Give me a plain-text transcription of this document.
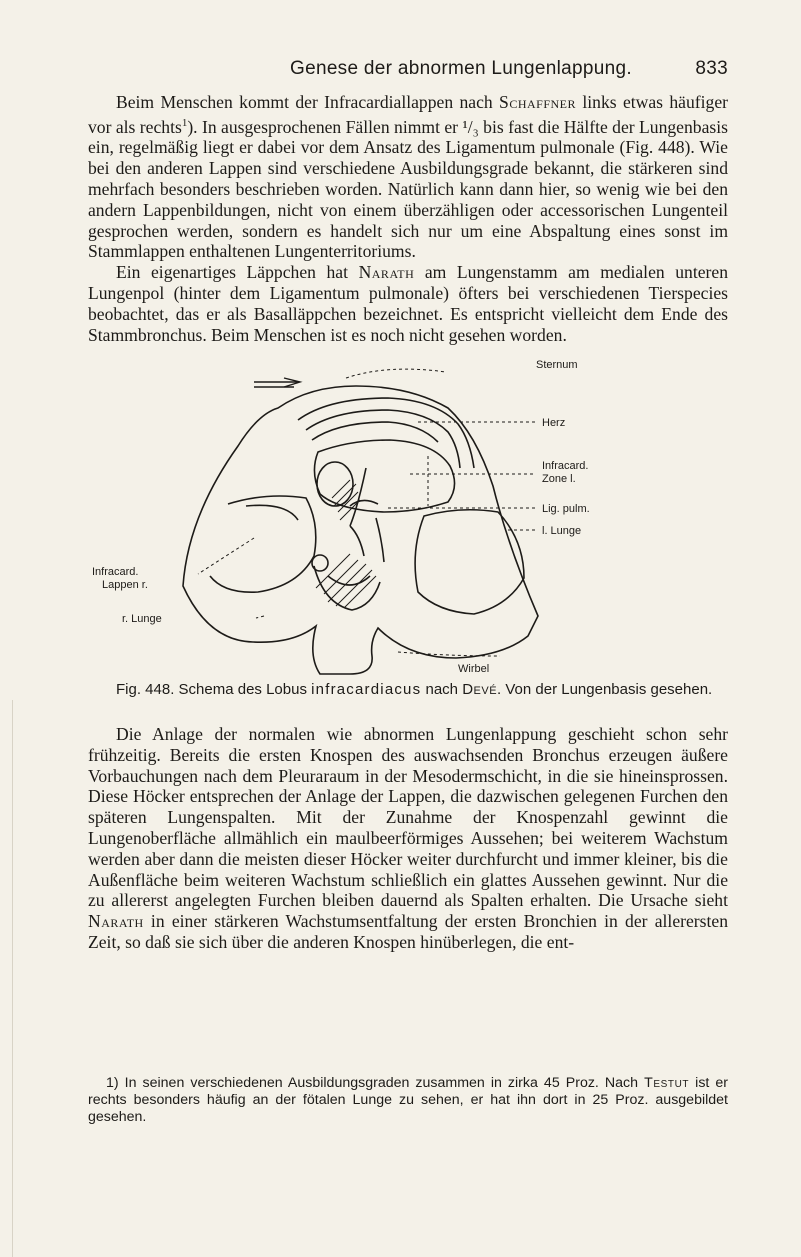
Genese der abnormen Lungenlappung.	833

Beim Menschen kommt der Infracardiallappen nach Schaffner links etwas häufiger vor als rechts$^1$). In ausgesprochenen Fällen nimmt er ¹/₃ bis fast die Hälfte der Lungenbasis ein, regelmäßig liegt er dabei vor dem Ansatz des Ligamentum pulmonale (Fig. 448). Wie bei den anderen Lappen sind verschiedene Ausbildungsgrade bekannt, die stärkeren sind mehrfach besonders beschrieben worden. Natürlich kann dann hier, so wenig wie bei den andern Lappenbildungen, nicht von einem überzähligen oder accessorischen Lungenteil gesprochen werden, sondern es handelt sich nur um eine Abspaltung eines sonst im Stammlappen enthaltenen Lungenterritoriums.

Ein eigenartiges Läppchen hat Narath am Lungenstamm am medialen unteren Lungenpol (hinter dem Ligamentum pulmonale) öfters bei verschiedenen Tierspecies beobachtet, das er als Basalläppchen bezeichnet. Es entspricht vielleicht dem Ende des Stammbronchus. Beim Menschen ist es noch nicht gesehen worden.

Sternum
Herz
Infracard.
Zone l.
Lig. pulm.
l. Lunge
Infracard.
Lappen r.
r. Lunge
Wirbel
Fig. 448. Schema des Lobus infracardiacus nach Devé. Von der Lungenbasis gesehen.

Die Anlage der normalen wie abnormen Lungenlappung geschieht schon sehr frühzeitig. Bereits die ersten Knospen des auswachsenden Bronchus erzeugen äußere Vorbauchungen nach dem Pleuraraum in der Mesodermschicht, in die sie hineinsprossen. Diese Höcker entsprechen der Anlage der Lappen, die dazwischen gelegenen Furchen den späteren Lungenspalten. Mit der Zunahme der Knospenzahl gewinnt die Lungenoberfläche allmählich ein maulbeerförmiges Aussehen; bei weiterem Wachstum werden aber dann die meisten dieser Höcker weiter durchfurcht und immer kleiner, bis die Außenfläche beim weiteren Wachstum schließlich ein glattes Aussehen gewinnt. Nur die zu allererst angelegten Furchen bleiben dauernd als Spalten erhalten. Die Ursache sieht Narath in einer stärkeren Wachstumsentfaltung der ersten Bronchien in der allerersten Zeit, so daß sie sich über die anderen Knospen hinüberlegen, die ent-

1) In seinen verschiedenen Ausbildungsgraden zusammen in zirka 45 Proz. Nach Testut ist er rechts besonders häufig an der fötalen Lunge zu sehen, er hat ihn dort in 25 Proz. ausgebildet gesehen.
